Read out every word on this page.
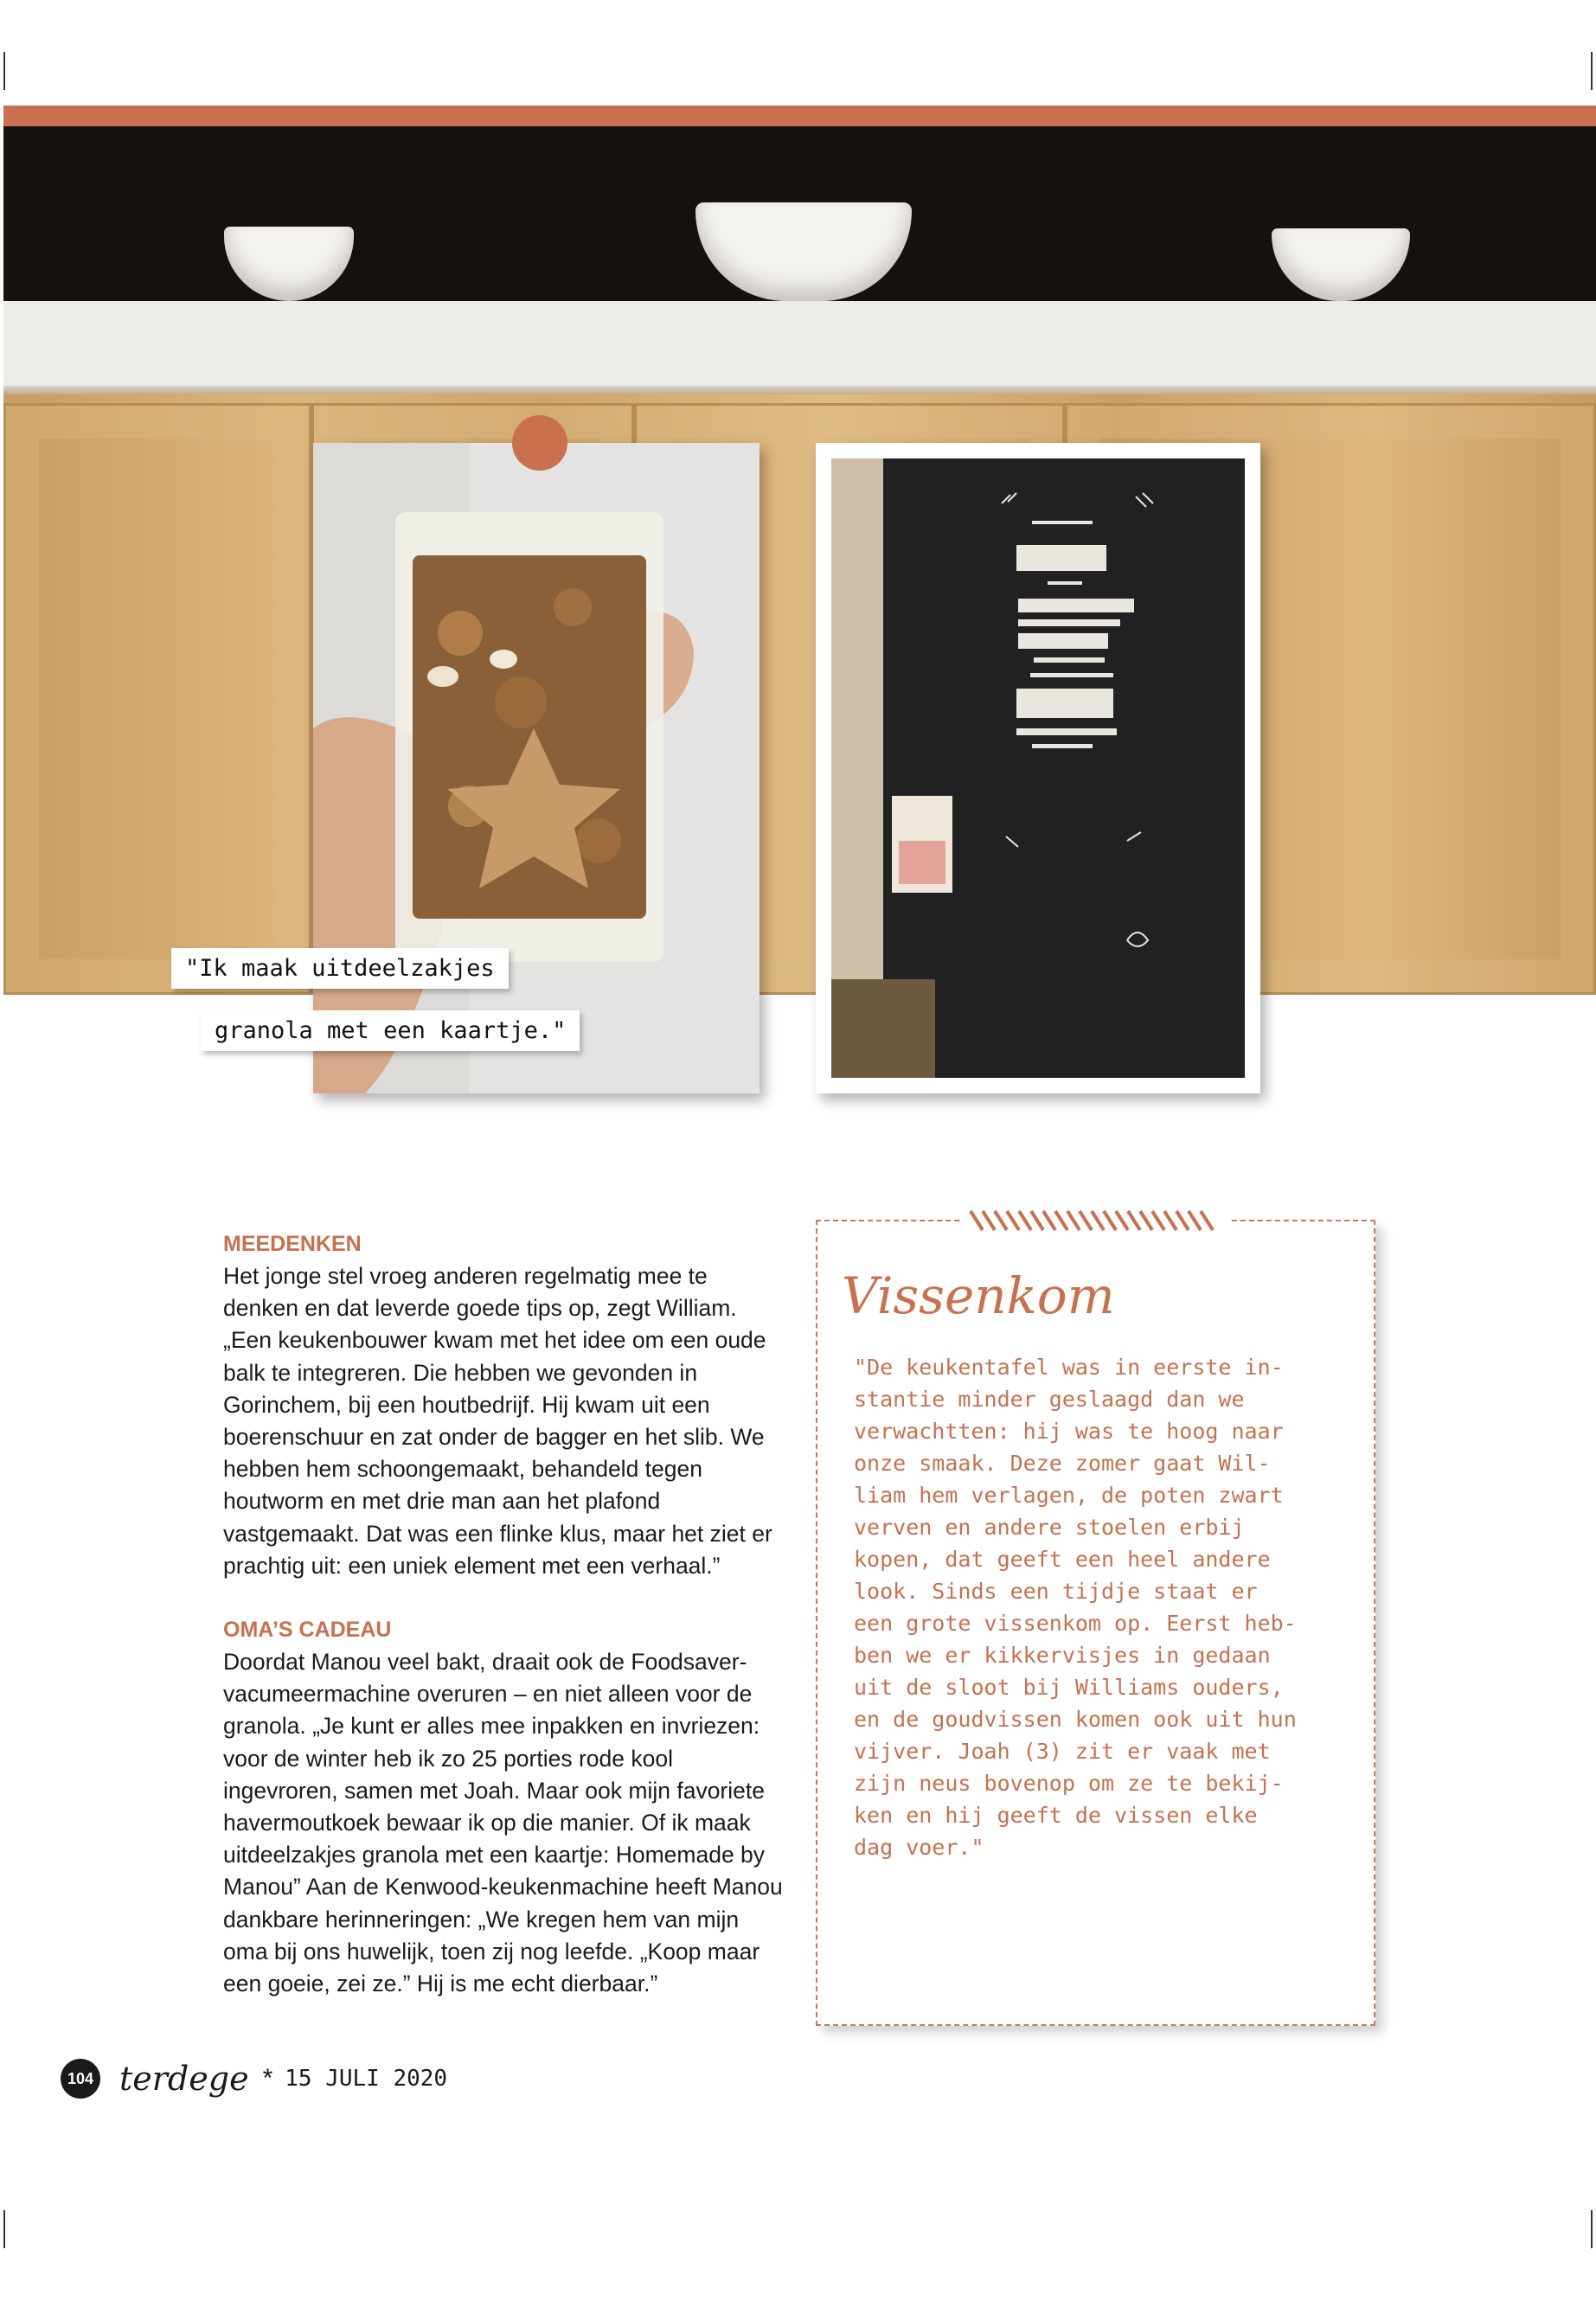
"Ik maak uitdeelzakjes
granola met een kaartje."
MEEDENKEN

Het jonge stel vroeg anderen regelmatig mee te denken en dat leverde goede tips op, zegt William. „Een keukenbouwer kwam met het idee om een oude balk te integreren. Die hebben we gevonden in Gorinchem, bij een houtbedrijf. Hij kwam uit een boerenschuur en zat onder de bagger en het slib. We hebben hem schoongemaakt, behandeld tegen houtworm en met drie man aan het plafond vastgemaakt. Dat was een flinke klus, maar het ziet er prachtig uit: een uniek element met een verhaal.”

OMA’S CADEAU

Doordat Manou veel bakt, draait ook de Foodsaver-vacumeermachine overuren – en niet alleen voor de granola. „Je kunt er alles mee inpakken en invriezen: voor de winter heb ik zo 25 porties rode kool ingevroren, samen met Joah. Maar ook mijn favoriete havermoutkoek bewaar ik op die manier. Of ik maak uitdeelzakjes granola met een kaartje: Homemade by Manou” Aan de Kenwood-keukenmachine heeft Manou dankbare herinneringen: „We kregen hem van mijn oma bij ons huwelijk, toen zij nog leefde. „Koop maar een goeie, zei ze.” Hij is me echt dierbaar.”

Vissenkom
"De keukentafel was in eerste in-
stantie minder geslaagd dan we
verwachtten: hij was te hoog naar
onze smaak. Deze zomer gaat Wil-
liam hem verlagen, de poten zwart
verven en andere stoelen erbij
kopen, dat geeft een heel andere
look. Sinds een tijdje staat er
een grote vissenkom op. Eerst heb-
ben we er kikkervisjes in gedaan
uit de sloot bij Williams ouders,
en de goudvissen komen ook uit hun
vijver. Joah (3) zit er vaak met
zijn neus bovenop om ze te bekij-
ken en hij geeft de vissen elke
dag voer."
104 terdege * 15 JULI 2020
